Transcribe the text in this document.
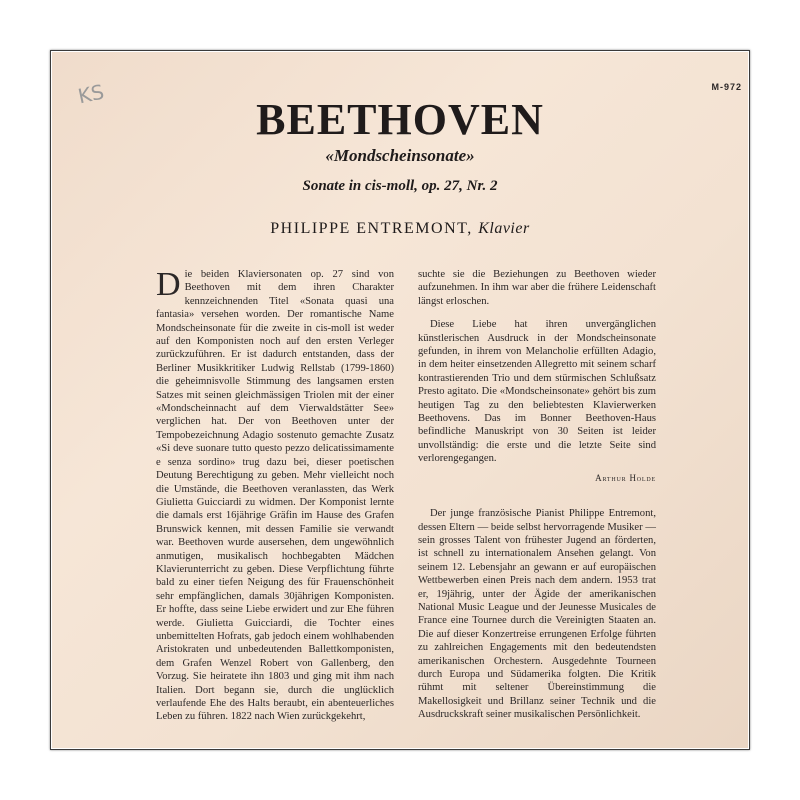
KS	M-972
BEETHOVEN
«Mondscheinsonate»
Sonate in cis-moll, op. 27, Nr. 2
PHILIPPE ENTREMONT, Klavier
D ie beiden Klaviersonaten op. 27 sind von Beethoven mit dem ihren Charakter kennzeichnenden Titel «Sonata quasi una fantasia» versehen worden. Der romantische Name Mondscheinsonate für die zweite in cis-moll ist weder auf den Komponisten noch auf den ersten Verleger zurückzuführen. Er ist dadurch entstanden, dass der Berliner Musikkritiker Ludwig Rellstab (1799-1860) die geheimnisvolle Stimmung des langsamen ersten Satzes mit seinen gleichmässigen Triolen mit der einer «Mondscheinnacht auf dem Vierwaldstätter See» verglichen hat. Der von Beethoven unter der Tempobezeichnung Adagio sostenuto gemachte Zusatz «Si deve suonare tutto questo pezzo delicatissimamente e senza sordino» trug dazu bei, dieser poetischen Deutung Berechtigung zu geben. Mehr vielleicht noch die Umstände, die Beethoven veranlassten, das Werk Giulietta Guicciardi zu widmen. Der Komponist lernte die damals erst 16jährige Gräfin im Hause des Grafen Brunswick kennen, mit dessen Familie sie verwandt war. Beethoven wurde ausersehen, dem ungewöhnlich anmutigen, musikalisch hochbegabten Mädchen Klavierunterricht zu geben. Diese Verpflichtung führte bald zu einer tiefen Neigung des für Frauenschönheit sehr empfänglichen, damals 30jährigen Komponisten. Er hoffte, dass seine Liebe erwidert und zur Ehe führen werde. Giulietta Guicciardi, die Tochter eines unbemittelten Hofrats, gab jedoch einem wohlhabenden Aristokraten und unbedeutenden Ballettkomponisten, dem Grafen Wenzel Robert von Gallenberg, den Vorzug. Sie heiratete ihn 1803 und ging mit ihm nach Italien. Dort begann sie, durch die unglücklich verlaufende Ehe des Halts beraubt, ein abenteuerliches Leben zu führen. 1822 nach Wien zurückgekehrt,

suchte sie die Beziehungen zu Beethoven wieder aufzunehmen. In ihm war aber die frühere Leidenschaft längst erloschen.

Diese Liebe hat ihren unvergänglichen künstlerischen Ausdruck in der Mondscheinsonate gefunden, in ihrem von Melancholie erfüllten Adagio, in dem heiter einsetzenden Allegretto mit seinem scharf kontrastierenden Trio und dem stürmischen Schlußsatz Presto agitato. Die «Mondscheinsonate» gehört bis zum heutigen Tag zu den beliebtesten Klavierwerken Beethovens. Das im Bonner Beethoven-Haus befindliche Manuskript von 30 Seiten ist leider unvollständig: die erste und die letzte Seite sind verlorengegangen.

Arthur Holde

Der junge französische Pianist Philippe Entremont, dessen Eltern — beide selbst hervorragende Musiker — sein grosses Talent von frühester Jugend an förderten, ist schnell zu internationalem Ansehen gelangt. Von seinem 12. Lebensjahr an gewann er auf europäischen Wettbewerben einen Preis nach dem andern. 1953 trat er, 19jährig, unter der Ägide der amerikanischen National Music League und der Jeunesse Musicales de France eine Tournee durch die Vereinigten Staaten an. Die auf dieser Konzertreise errungenen Erfolge führten zu zahlreichen Engagements mit den bedeutendsten amerikanischen Orchestern. Ausgedehnte Tourneen durch Europa und Südamerika folgten. Die Kritik rühmt mit seltener Übereinstimmung die Makellosigkeit und Brillanz seiner Technik und die Ausdruckskraft seiner musikalischen Persönlichkeit.
